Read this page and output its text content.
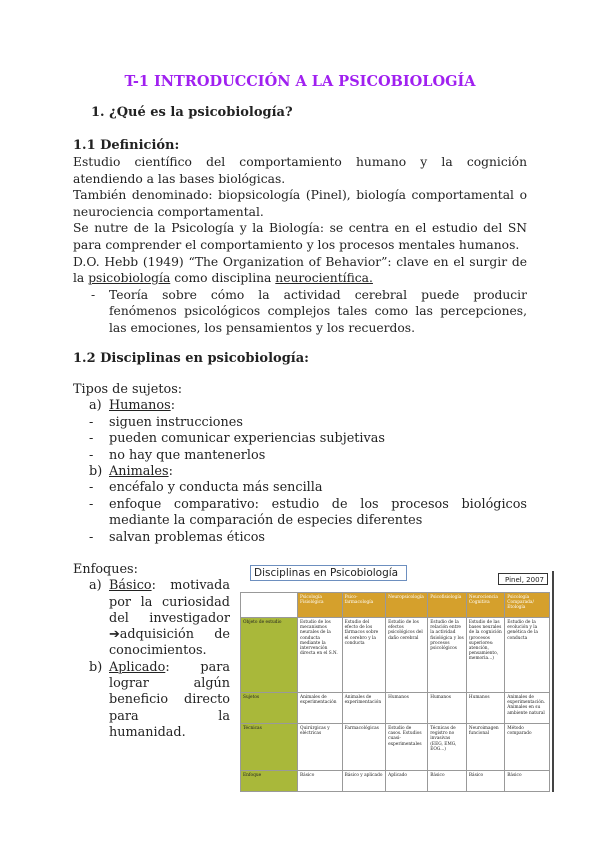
T-1 INTRODUCCIÓN A LA PSICOBIOLOGÍA
1. ¿Qué es la psicobiología?
1.1 Definición:

Estudio científico del comportamiento humano y la cognición atendiendo a las bases biológicas.

También denominado: biopsicología (Pinel), biología comportamental o neurociencia comportamental.

Se nutre de la Psicología y la Biología: se centra en el estudio del SN para comprender el comportamiento y los procesos mentales humanos.

D.O. Hebb (1949) “The Organization of Behavior”: clave en el surgir de la psicobiología como disciplina neurocientífica.

-	Teoría sobre cómo la actividad cerebral puede producir fenómenos psicológicos complejos tales como las percepciones, las emociones, los pensamientos y los recuerdos.
1.2 Disciplinas en psicobiología:
Tipos de sujetos:
a) Humanos:
-	siguen instrucciones
-	pueden comunicar experiencias subjetivas
-	no hay que mantenerlos
b) Animales:
-	encéfalo y conducta más sencilla
-	enfoque comparativo: estudio de los procesos biológicos mediante la comparación de especies diferentes
-	salvan problemas éticos
Enfoques:
a) Básico: motivada por la curiosidad del investigador ➔adquisición de conocimientos.
b) Aplicado: para lograr algún beneficio directo para la humanidad.
Disciplinas en Psicobiología
Pinel, 2007
	Psicología Fisiológica	Psico-farmacología	Neuropsicología	Psicofisiología	Neurociencia Cognitiva	Psicología Comparada/ Etología
Objeto de estudio	Estudio de los mecanismos neurales de la conducta mediante la intervención directa en el S.N.	Estudio del efecto de los fármacos sobre el cerebro y la conducta	Estudio de los efectos psicológicos del daño cerebral	Estudio de la relación entre la actividad fisiológica y los procesos psicológicos	Estudio de las bases neurales de la cognición (procesos superiores: atención, pensamiento, memoria...)	Estudio de la evolución y la genética de la conducta
Sujetos	Animales de experimentación	Animales de experimentación	Humanos	Humanos	Humanos	Animales de experimentación. Animales en su ambiente natural
Técnicas	Quirúrgicas y eléctricas	Farmacológicas	Estudio de casos. Estudios cuasi-experimentales	Técnicas de registro no invasivas (EEG, EMG, EOG...)	Neuroimagen funcional	Método comparado
Enfoque	Básico	Básico y aplicado	Aplicado	Básico	Básico	Básico
